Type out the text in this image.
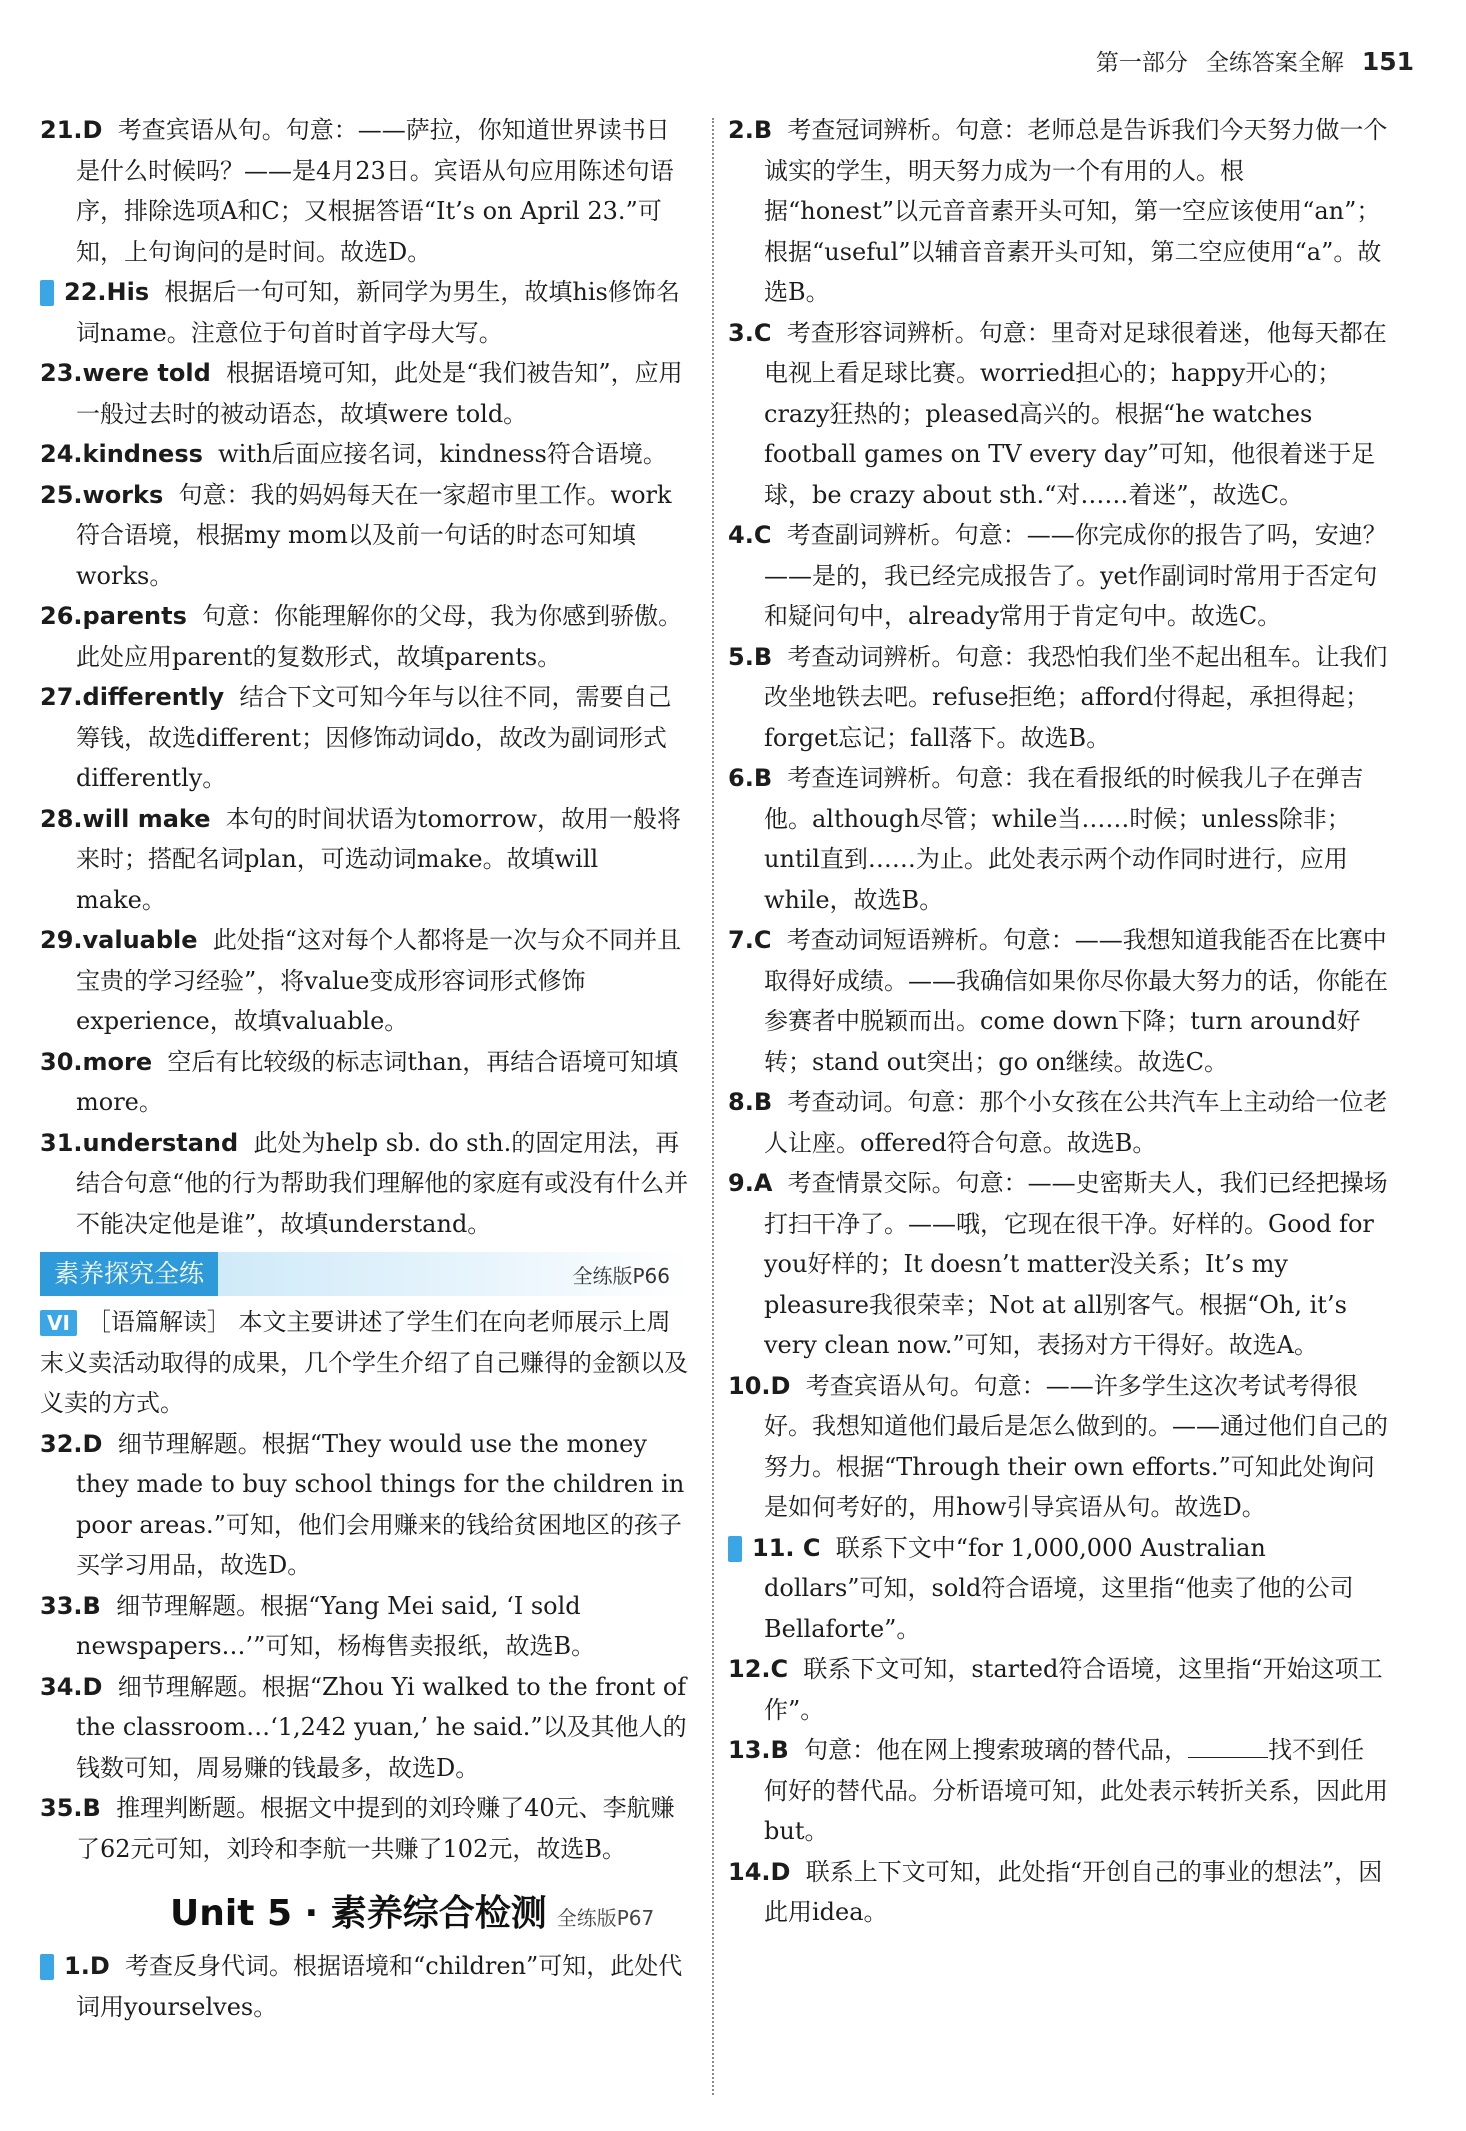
第一部分 全练答案全解 151
21.D 考查宾语从句。句意：——萨拉，你知道世界读书日是什么时候吗？——是4月23日。宾语从句应用陈述句语序，排除选项A和C；又根据答语“It’s on April 23.”可知，上句询问的是时间。故选D。
V 22.His 根据后一句可知，新同学为男生，故填his修饰名词name。注意位于句首时首字母大写。
23.were told 根据语境可知，此处是“我们被告知”，应用一般过去时的被动语态，故填were told。
24.kindness with后面应接名词，kindness符合语境。
25.works 句意：我的妈妈每天在一家超市里工作。work符合语境，根据my mom以及前一句话的时态可知填works。
26.parents 句意：你能理解你的父母，我为你感到骄傲。此处应用parent的复数形式，故填parents。
27.differently 结合下文可知今年与以往不同，需要自己筹钱，故选different；因修饰动词do，故改为副词形式differently。
28.will make 本句的时间状语为tomorrow，故用一般将来时；搭配名词plan，可选动词make。故填will make。
29.valuable 此处指“这对每个人都将是一次与众不同并且宝贵的学习经验”，将value变成形容词形式修饰experience，故填valuable。
30.more 空后有比较级的标志词than，再结合语境可知填more。
31.understand 此处为help sb. do sth.的固定用法，再结合句意“他的行为帮助我们理解他的家庭有或没有什么并不能决定他是谁”，故填understand。
素养探究全练	全练版P66
VI ［语篇解读］ 本文主要讲述了学生们在向老师展示上周末义卖活动取得的成果，几个学生介绍了自己赚得的金额以及义卖的方式。
32.D 细节理解题。根据“They would use the money they made to buy school things for the children in poor areas.”可知，他们会用赚来的钱给贫困地区的孩子买学习用品，故选D。
33.B 细节理解题。根据“Yang Mei said, ‘I sold newspapers…’”可知，杨梅售卖报纸，故选B。
34.D 细节理解题。根据“Zhou Yi walked to the front of the classroom…‘1,242 yuan,’ he said.”以及其他人的钱数可知，周易赚的钱最多，故选D。
35.B 推理判断题。根据文中提到的刘玲赚了40元、李航赚了62元可知，刘玲和李航一共赚了102元，故选B。
Unit 5 · 素养综合检测 全练版P67
I 1.D 考查反身代词。根据语境和“children”可知，此处代词用yourselves。
2.B 考查冠词辨析。句意：老师总是告诉我们今天努力做一个诚实的学生，明天努力成为一个有用的人。根据“honest”以元音音素开头可知，第一空应该使用“an”；根据“useful”以辅音音素开头可知，第二空应使用“a”。故选B。
3.C 考查形容词辨析。句意：里奇对足球很着迷，他每天都在电视上看足球比赛。worried担心的；happy开心的；crazy狂热的；pleased高兴的。根据“he watches football games on TV every day”可知，他很着迷于足球，be crazy about sth.“对……着迷”，故选C。
4.C 考查副词辨析。句意：——你完成你的报告了吗，安迪？——是的，我已经完成报告了。yet作副词时常用于否定句和疑问句中，already常用于肯定句中。故选C。
5.B 考查动词辨析。句意：我恐怕我们坐不起出租车。让我们改坐地铁去吧。refuse拒绝；afford付得起，承担得起；forget忘记；fall落下。故选B。
6.B 考查连词辨析。句意：我在看报纸的时候我儿子在弹吉他。although尽管；while当……时候；unless除非；until直到……为止。此处表示两个动作同时进行，应用while，故选B。
7.C 考查动词短语辨析。句意：——我想知道我能否在比赛中取得好成绩。——我确信如果你尽你最大努力的话，你能在参赛者中脱颖而出。come down下降；turn around好转；stand out突出；go on继续。故选C。
8.B 考查动词。句意：那个小女孩在公共汽车上主动给一位老人让座。offered符合句意。故选B。
9.A 考查情景交际。句意：——史密斯夫人，我们已经把操场打扫干净了。——哦，它现在很干净。好样的。Good for you好样的；It doesn’t matter没关系；It’s my pleasure我很荣幸；Not at all别客气。根据“Oh, it’s very clean now.”可知，表扬对方干得好。故选A。
10.D 考查宾语从句。句意：——许多学生这次考试考得很好。我想知道他们最后是怎么做到的。——通过他们自己的努力。根据“Through their own efforts.”可知此处询问是如何考好的，用how引导宾语从句。故选D。
II 11. C 联系下文中“for 1,000,000 Australian dollars”可知，sold符合语境，这里指“他卖了他的公司Bellaforte”。
12.C 联系下文可知，started符合语境，这里指“开始这项工作”。
13.B 句意：他在网上搜索玻璃的替代品，	找不到任何好的替代品。分析语境可知，此处表示转折关系，因此用but。
14.D 联系上下文可知，此处指“开创自己的事业的想法”，因此用idea。
